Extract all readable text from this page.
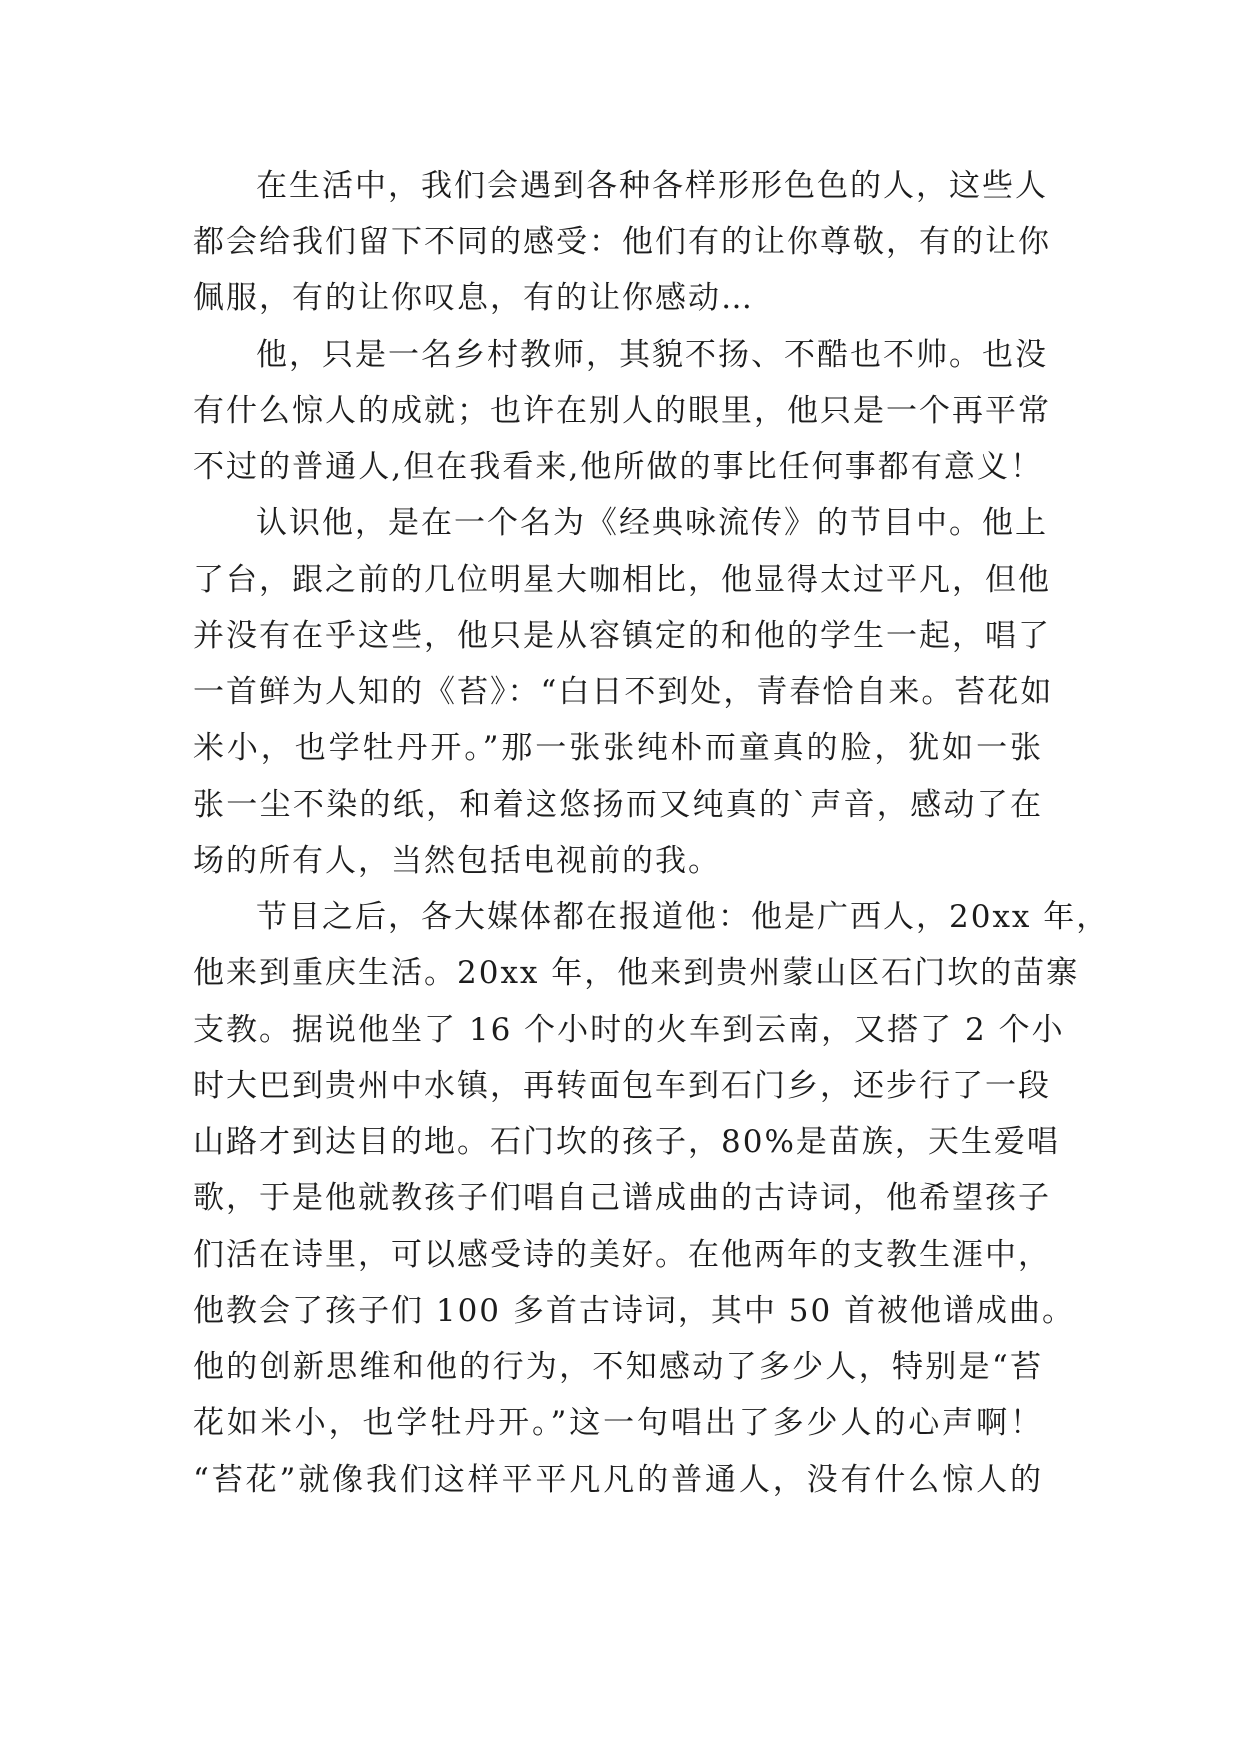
在生活中，我们会遇到各种各样形形色色的人，这些人
都会给我们留下不同的感受：他们有的让你尊敬，有的让你
佩服，有的让你叹息，有的让你感动…
他，只是一名乡村教师，其貌不扬、不酷也不帅。也没
有什么惊人的成就；也许在别人的眼里，他只是一个再平常
不过的普通人,但在我看来,他所做的事比任何事都有意义！
认识他，是在一个名为《经典咏流传》的节目中。他上
了台，跟之前的几位明星大咖相比，他显得太过平凡，但他
并没有在乎这些，他只是从容镇定的和他的学生一起，唱了
一首鲜为人知的《苔》：“白日不到处，青春恰自来。苔花如
米小，也学牡丹开。”那一张张纯朴而童真的脸，犹如一张
张一尘不染的纸，和着这悠扬而又纯真的`声音，感动了在
场的所有人，当然包括电视前的我。
节目之后，各大媒体都在报道他：他是广西人，20xx 年，
他来到重庆生活。20xx 年，他来到贵州蒙山区石门坎的苗寨
支教。据说他坐了 16 个小时的火车到云南，又搭了 2 个小
时大巴到贵州中水镇，再转面包车到石门乡，还步行了一段
山路才到达目的地。石门坎的孩子，80%是苗族，天生爱唱
歌，于是他就教孩子们唱自己谱成曲的古诗词，他希望孩子
们活在诗里，可以感受诗的美好。在他两年的支教生涯中，
他教会了孩子们 100 多首古诗词，其中 50 首被他谱成曲。
他的创新思维和他的行为，不知感动了多少人，特别是“苔
花如米小，也学牡丹开。”这一句唱出了多少人的心声啊！
“苔花”就像我们这样平平凡凡的普通人，没有什么惊人的
